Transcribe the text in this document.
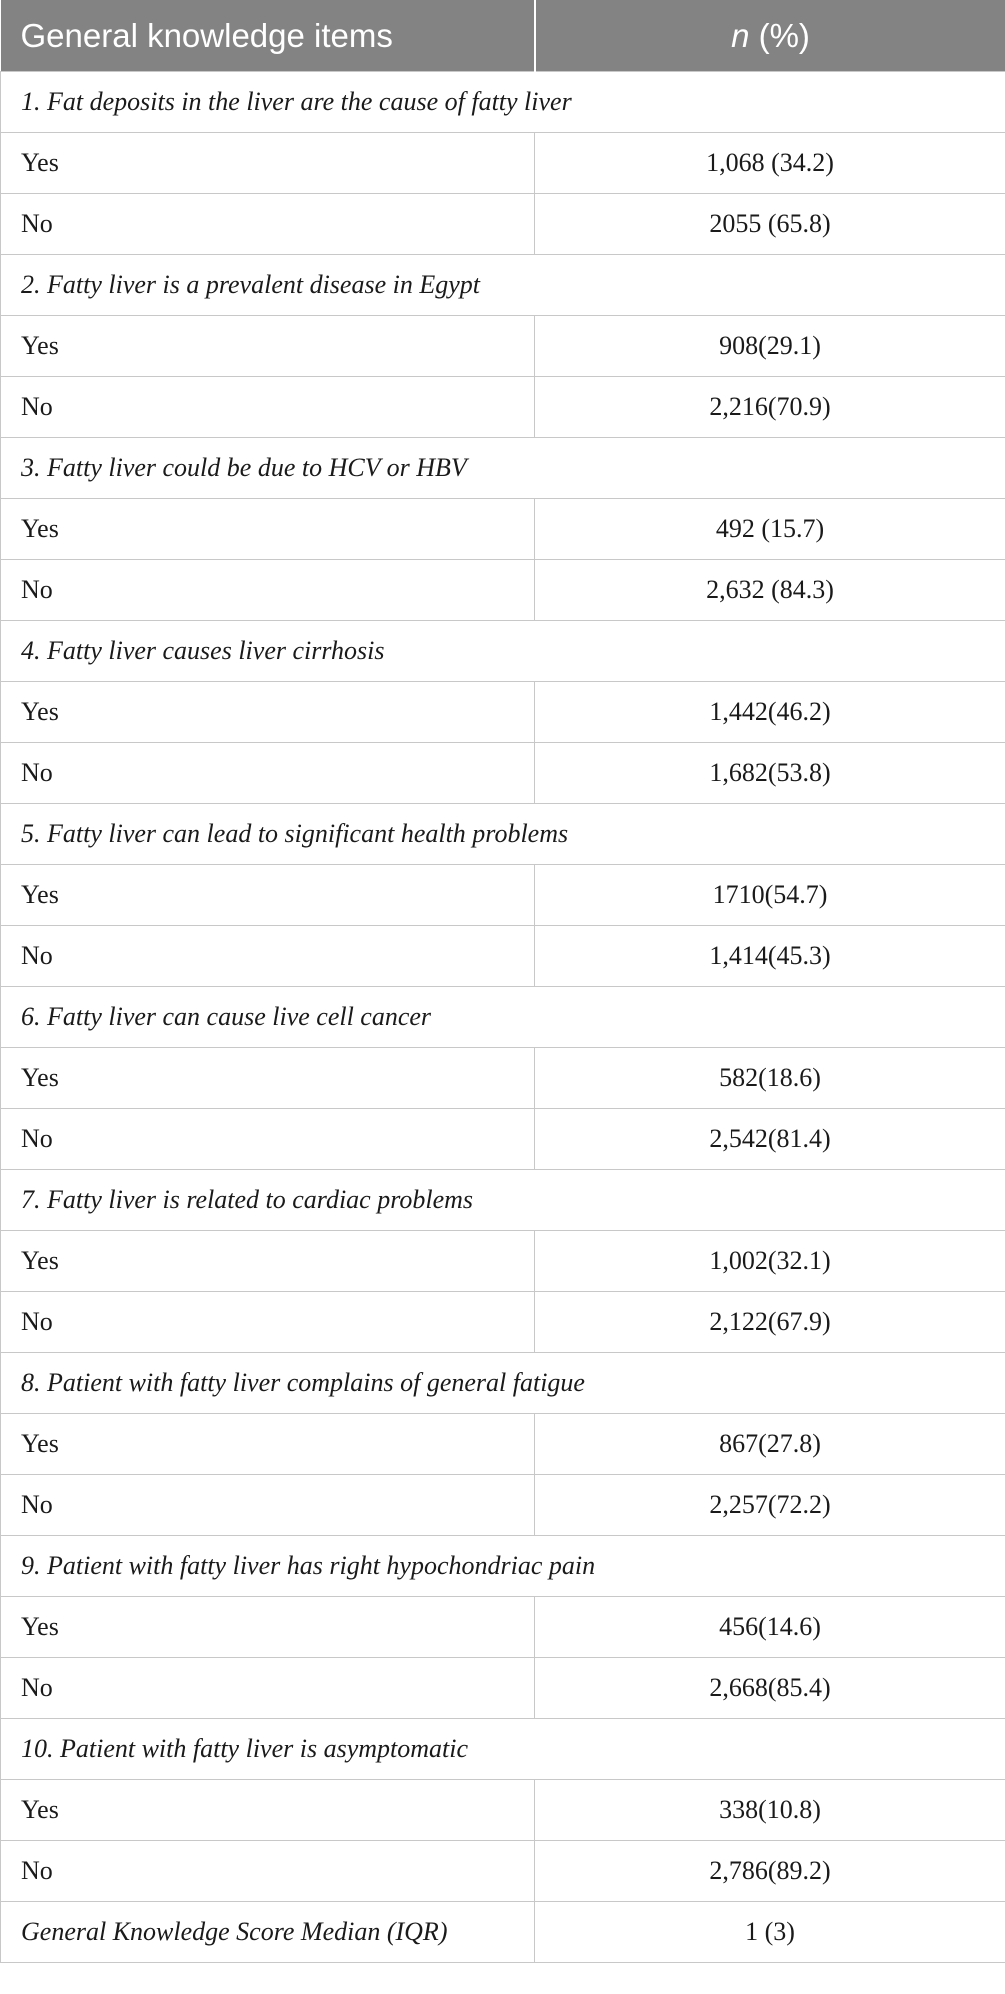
General knowledge items	n (%)
1. Fat deposits in the liver are the cause of fatty liver	
Yes	1,068 (34.2)
No	2055 (65.8)
2. Fatty liver is a prevalent disease in Egypt	
Yes	908(29.1)
No	2,216(70.9)
3. Fatty liver could be due to HCV or HBV	
Yes	492 (15.7)
No	2,632 (84.3)
4. Fatty liver causes liver cirrhosis	
Yes	1,442(46.2)
No	1,682(53.8)
5. Fatty liver can lead to significant health problems	
Yes	1710(54.7)
No	1,414(45.3)
6. Fatty liver can cause live cell cancer	
Yes	582(18.6)
No	2,542(81.4)
7. Fatty liver is related to cardiac problems	
Yes	1,002(32.1)
No	2,122(67.9)
8. Patient with fatty liver complains of general fatigue	
Yes	867(27.8)
No	2,257(72.2)
9. Patient with fatty liver has right hypochondriac pain	
Yes	456(14.6)
No	2,668(85.4)
10. Patient with fatty liver is asymptomatic	
Yes	338(10.8)
No	2,786(89.2)
General Knowledge Score Median (IQR)	1 (3)
